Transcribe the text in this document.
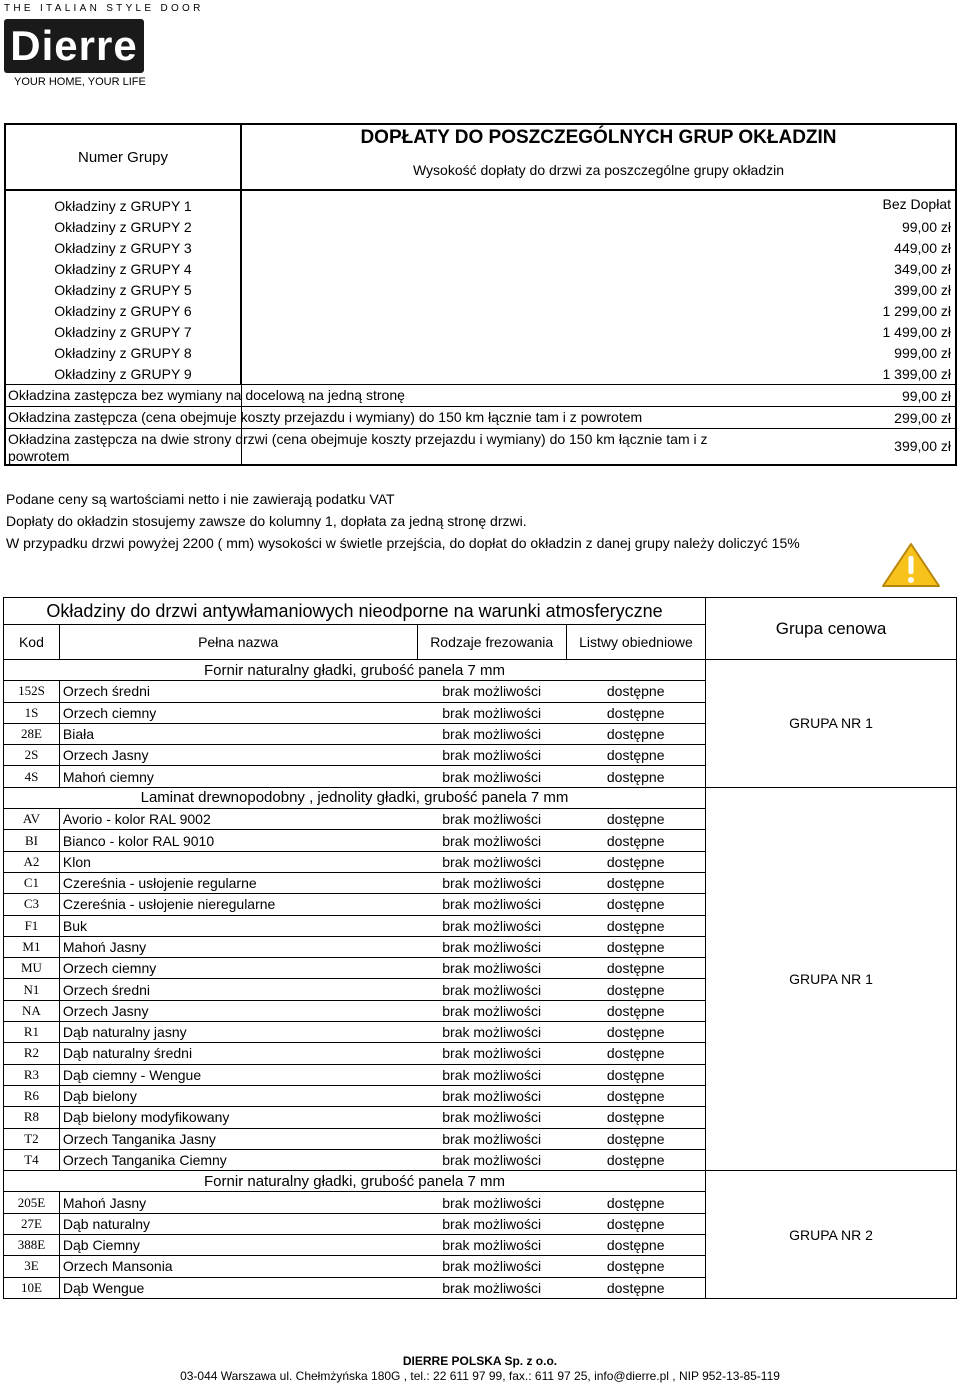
THE ITALIAN STYLE DOOR
Dierre
YOUR HOME, YOUR LIFE
Numer Grupy	DOPŁATY DO POSZCZEGÓLNYCH GRUP OKŁADZIN
	Wysokość dopłaty do drzwi za poszczególne grupy okładzin
Okładziny z GRUPY 1	Bez Dopłat
Okładziny z GRUPY 2	99,00 zł
Okładziny z GRUPY 3	449,00 zł
Okładziny z GRUPY 4	349,00 zł
Okładziny z GRUPY 5	399,00 zł
Okładziny z GRUPY 6	1 299,00 zł
Okładziny z GRUPY 7	1 499,00 zł
Okładziny z GRUPY 8	999,00 zł
Okładziny z GRUPY 9	1 399,00 zł

Okładzina zastępcza bez wymiany na docelową na jedną stronę	99,00 zł

Okładzina zastępcza (cena obejmuje koszty przejazdu i wymiany) do 150 km łącznie tam i z powrotem	299,00 zł

Okładzina zastępcza na dwie strony drzwi (cena obejmuje koszty przejazdu i wymiany) do 150 km łącznie tam i z powrotem	399,00 zł
Podane ceny są wartościami netto i nie zawierają podatku VAT
Dopłaty do okładzin stosujemy zawsze do kolumny 1, dopłata za jedną stronę drzwi.
W przypadku drzwi powyżej 2200 ( mm) wysokości w świetle przejścia, do dopłat do okładzin z danej grupy należy doliczyć 15%
Okładziny do drzwi antywłamaniowych nieodporne na warunki atmosferyczne				Grupa cenowa
Kod	Pełna nazwa	Rodzaje frezowania	Listwy obiedniowe	
Fornir naturalny gładki, grubość panela 7 mm				GRUPA NR 1
152S	Orzech średni	brak możliwości	dostępne	
1S	Orzech ciemny	brak możliwości	dostępne	
28E	Biała	brak możliwości	dostępne	
2S	Orzech Jasny	brak możliwości	dostępne	
4S	Mahoń ciemny	brak możliwości	dostępne	
Laminat drewnopodobny , jednolity gładki, grubość panela 7 mm				GRUPA NR 1
AV	Avorio - kolor RAL 9002	brak możliwości	dostępne	
BI	Bianco - kolor RAL 9010	brak możliwości	dostępne	
A2	Klon	brak możliwości	dostępne	
C1	Czereśnia - usłojenie regularne	brak możliwości	dostępne	
C3	Czereśnia - usłojenie nieregularne	brak możliwości	dostępne	
F1	Buk	brak możliwości	dostępne	
M1	Mahoń Jasny	brak możliwości	dostępne	
MU	Orzech ciemny	brak możliwości	dostępne	
N1	Orzech średni	brak możliwości	dostępne	
NA	Orzech Jasny	brak możliwości	dostępne	
R1	Dąb naturalny jasny	brak możliwości	dostępne	
R2	Dąb naturalny średni	brak możliwości	dostępne	
R3	Dąb ciemny - Wengue	brak możliwości	dostępne	
R6	Dąb bielony	brak możliwości	dostępne	
R8	Dąb bielony modyfikowany	brak możliwości	dostępne	
T2	Orzech Tanganika Jasny	brak możliwości	dostępne	
T4	Orzech Tanganika Ciemny	brak możliwości	dostępne	
Fornir naturalny gładki, grubość panela 7 mm				GRUPA NR 2
205E	Mahoń Jasny	brak możliwości	dostępne	
27E	Dąb naturalny	brak możliwości	dostępne	
388E	Dąb Ciemny	brak możliwości	dostępne	
3E	Orzech Mansonia	brak możliwości	dostępne	
10E	Dąb Wengue	brak możliwości	dostępne	
DIERRE POLSKA Sp. z o.o.
03-044 Warszawa ul. Chełmżyńska 180G , tel.: 22 611 97 99, fax.: 611 97 25, info@dierre.pl , NIP 952-13-85-119
